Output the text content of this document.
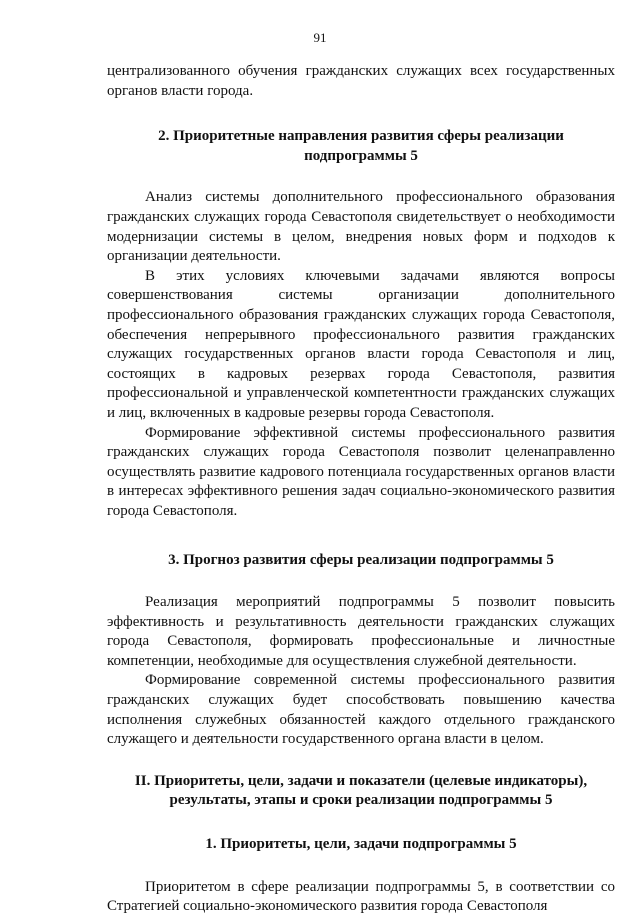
91

централизованного обучения гражданских служащих всех государственных органов власти города.

2. Приоритетные направления развития сферы реализации подпрограммы 5

Анализ системы дополнительного профессионального образования гражданских служащих города Севастополя свидетельствует о необходимости модернизации системы в целом, внедрения новых форм и подходов к организации деятельности.

В этих условиях ключевыми задачами являются вопросы совершенствования системы организации дополнительного профессионального образования гражданских служащих города Севастополя, обеспечения непрерывного профессионального развития гражданских служащих государственных органов власти города Севастополя и лиц, состоящих в кадровых резервах города Севастополя, развития профессиональной и управленческой компетентности гражданских служащих и лиц, включенных в кадровые резервы города Севастополя.

Формирование эффективной системы профессионального развития гражданских служащих города Севастополя позволит целенаправленно осуществлять развитие кадрового потенциала государственных органов власти в интересах эффективного решения задач социально-экономического развития города Севастополя.

3. Прогноз развития сферы реализации подпрограммы 5

Реализация мероприятий подпрограммы 5 позволит повысить эффективность и результативность деятельности гражданских служащих города Севастополя, формировать профессиональные и личностные компетенции, необходимые для осуществления служебной деятельности.

Формирование современной системы профессионального развития гражданских служащих будет способствовать повышению качества исполнения служебных обязанностей каждого отдельного гражданского служащего и деятельности государственного органа власти в целом.

II. Приоритеты, цели, задачи и показатели (целевые индикаторы), результаты, этапы и сроки реализации подпрограммы 5

1. Приоритеты, цели, задачи подпрограммы 5

Приоритетом в сфере реализации подпрограммы 5, в соответствии со Стратегией социально-экономического развития города Севастополя
